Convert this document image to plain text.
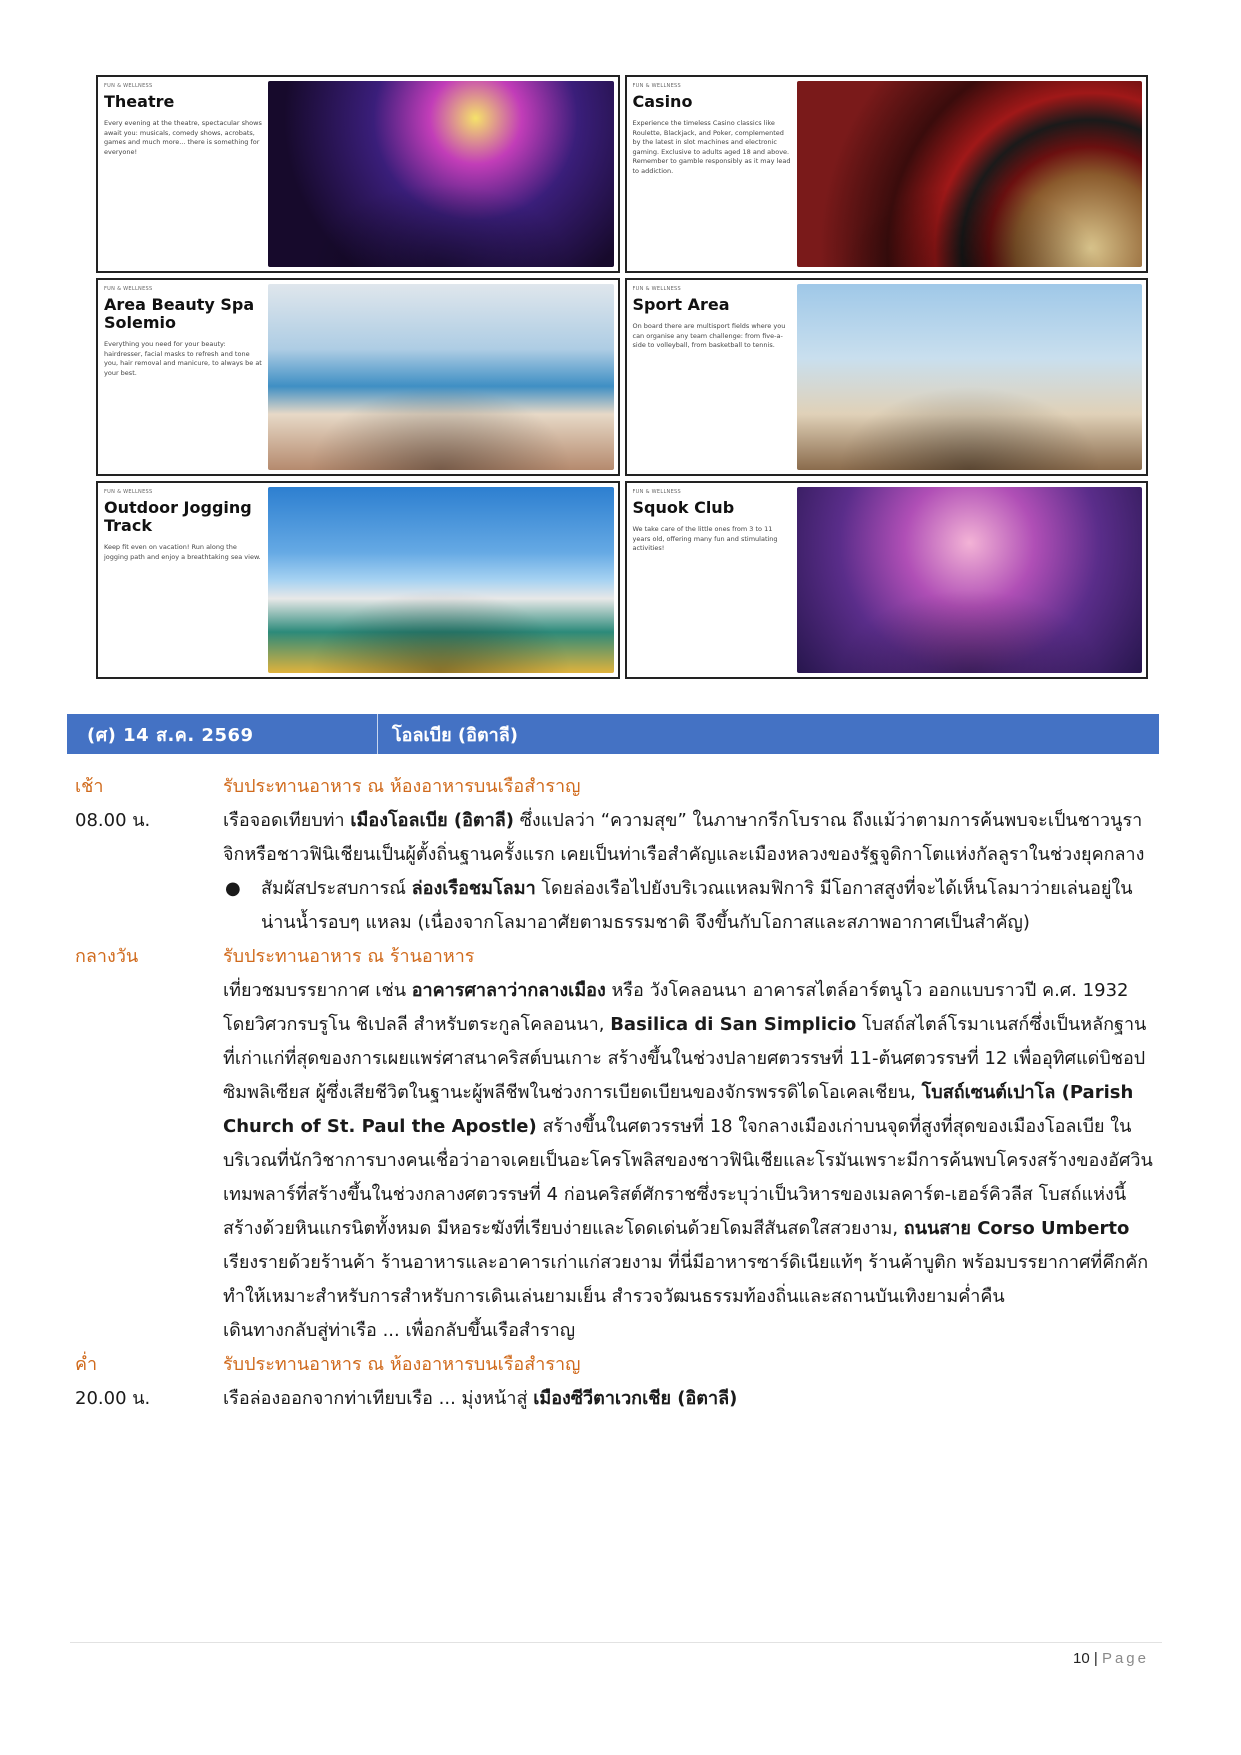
FUN & WELLNESS
Theatre
Every evening at the theatre, spectacular shows await you: musicals, comedy shows, acrobats, games and much more... there is something for everyone!
FUN & WELLNESS
Casino
Experience the timeless Casino classics like Roulette, Blackjack, and Poker, complemented by the latest in slot machines and electronic gaming. Exclusive to adults aged 18 and above. Remember to gamble responsibly as it may lead to addiction.
FUN & WELLNESS
Area Beauty Spa Solemio
Everything you need for your beauty: hairdresser, facial masks to refresh and tone you, hair removal and manicure, to always be at your best.
FUN & WELLNESS
Sport Area
On board there are multisport fields where you can organise any team challenge: from five-a-side to volleyball, from basketball to tennis.
FUN & WELLNESS
Outdoor Jogging Track
Keep fit even on vacation! Run along the jogging path and enjoy a breathtaking sea view.
FUN & WELLNESS
Squok Club
We take care of the little ones from 3 to 11 years old, offering many fun and stimulating activities!
(ศ) 14 ส.ค. 2569	โอลเบีย (อิตาลี)
เช้า	รับประทานอาหาร ณ ห้องอาหารบนเรือสำราญ
08.00 น.	เรือจอดเทียบท่า เมืองโอลเบีย (อิตาลี) ซึ่งแปลว่า “ความสุข” ในภาษากรีกโบราณ ถึงแม้ว่าตามการค้นพบจะเป็นชาวนูราจิกหรือชาวฟินิเชียนเป็นผู้ตั้งถิ่นฐานครั้งแรก เคยเป็นท่าเรือสำคัญและเมืองหลวงของรัฐจูดิกาโตแห่งกัลลูราในช่วงยุคกลาง
●	สัมผัสประสบการณ์ ล่องเรือชมโลมา โดยล่องเรือไปยังบริเวณแหลมฟิการิ มีโอกาสสูงที่จะได้เห็นโลมาว่ายเล่นอยู่ในน่านน้ำรอบๆ แหลม (เนื่องจากโลมาอาศัยตามธรรมชาติ จึงขึ้นกับโอกาสและสภาพอากาศเป็นสำคัญ)
กลางวัน	รับประทานอาหาร ณ ร้านอาหาร
เที่ยวชมบรรยากาศ เช่น อาคารศาลาว่ากลางเมือง หรือ วังโคลอนนา อาคารสไตล์อาร์ตนูโว ออกแบบราวปี ค.ศ. 1932 โดยวิศวกรบรูโน ชิเปลลี สำหรับตระกูลโคลอนนา, Basilica di San Simplicio โบสถ์สไตล์โรมาเนสก์ซึ่งเป็นหลักฐานที่เก่าแก่ที่สุดของการเผยแพร่ศาสนาคริสต์บนเกาะ สร้างขึ้นในช่วงปลายศตวรรษที่ 11-ต้นศตวรรษที่ 12 เพื่ออุทิศแด่บิชอปซิมพลิเซียส ผู้ซึ่งเสียชีวิตในฐานะผู้พลีชีพในช่วงการเบียดเบียนของจักรพรรดิไดโอเคลเชียน, โบสถ์เซนต์เปาโล (Parish Church of St. Paul the Apostle) สร้างขึ้นในศตวรรษที่ 18 ใจกลางเมืองเก่าบนจุดที่สูงที่สุดของเมืองโอลเบีย ในบริเวณที่นักวิชาการบางคนเชื่อว่าอาจเคยเป็นอะโครโพลิสของชาวฟินิเชียและโรมันเพราะมีการค้นพบโครงสร้างของอัศวินเทมพลาร์ที่สร้างขึ้นในช่วงกลางศตวรรษที่ 4 ก่อนคริสต์ศักราชซึ่งระบุว่าเป็นวิหารของเมลคาร์ต-เฮอร์คิวลีส โบสถ์แห่งนี้สร้างด้วยหินแกรนิตทั้งหมด มีหอระฆังที่เรียบง่ายและโดดเด่นด้วยโดมสีสันสดใสสวยงาม, ถนนสาย Corso Umberto เรียงรายด้วยร้านค้า ร้านอาหารและอาคารเก่าแก่สวยงาม ที่นี่มีอาหารซาร์ดิเนียแท้ๆ ร้านค้าบูติก พร้อมบรรยากาศที่คึกคัก ทำให้เหมาะสำหรับการสำหรับการเดินเล่นยามเย็น สำรวจวัฒนธรรมท้องถิ่นและสถานบันเทิงยามค่ำคืน
เดินทางกลับสู่ท่าเรือ ... เพื่อกลับขึ้นเรือสำราญ
ค่ำ	รับประทานอาหาร ณ ห้องอาหารบนเรือสำราญ
20.00 น.	เรือล่องออกจากท่าเทียบเรือ ... มุ่งหน้าสู่ เมืองซีวีตาเวกเชีย (อิตาลี)
10 | Page
